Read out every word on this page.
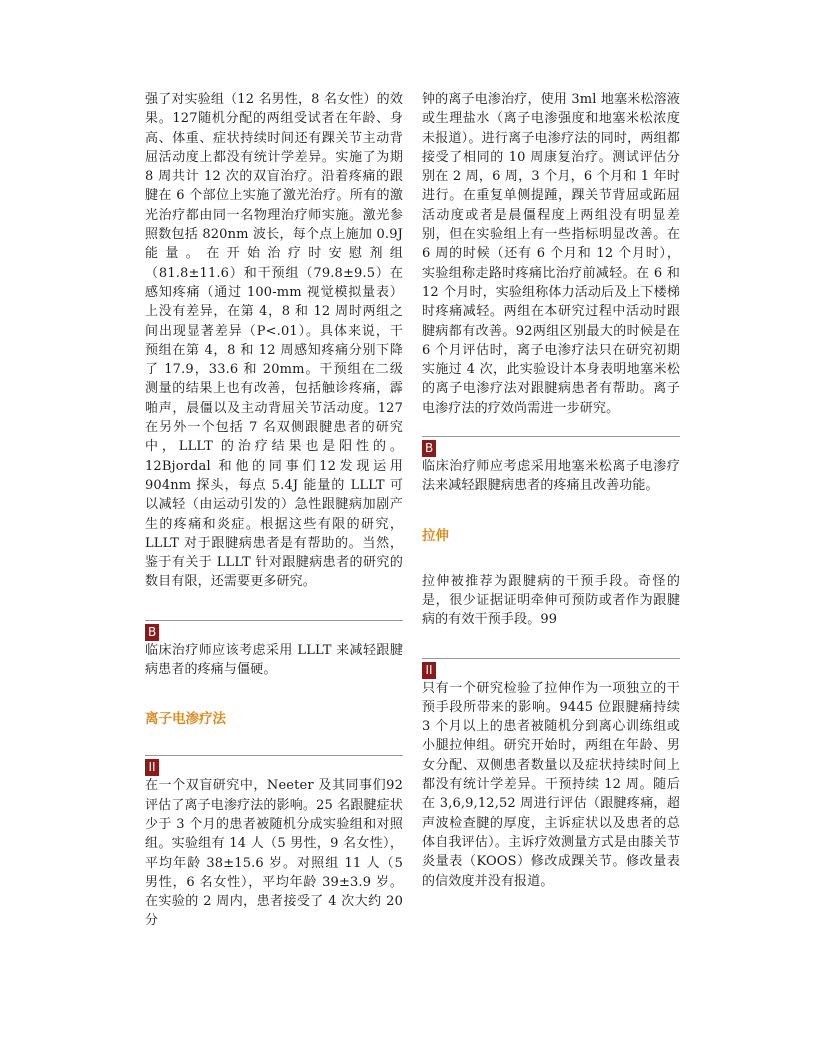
强了对实验组（12 名男性，8 名女性）的效果。127随机分配的两组受试者在年龄、身高、体重、症状持续时间还有踝关节主动背屈活动度上都没有统计学差异。实施了为期 8 周共计 12 次的双盲治疗。沿着疼痛的跟腱在 6 个部位上实施了激光治疗。所有的激光治疗都由同一名物理治疗师实施。激光参照数包括 820nm 波长，每个点上施加 0.9J 能量。在开始治疗时安慰剂组（81.8±11.6）和干预组（79.8±9.5）在感知疼痛（通过 100-mm 视觉模拟量表）上没有差异，在第 4，8 和 12 周时两组之间出现显著差异（P<.01）。具体来说，干预组在第 4，8 和 12 周感知疼痛分别下降了 17.9，33.6 和 20mm。干预组在二级测量的结果上也有改善，包括触诊疼痛，霹啪声，晨僵以及主动背屈关节活动度。127在另外一个包括 7 名双侧跟腱患者的研究中，LLLT 的治疗结果也是阳性的。12Bjordal 和他的同事们12发现运用 904nm 探头，每点 5.4J 能量的 LLLT 可以减轻（由运动引发的）急性跟腱病加剧产生的疼痛和炎症。根据这些有限的研究，LLLT 对于跟腱病患者是有帮助的。当然，鉴于有关于 LLLT 针对跟腱病患者的研究的数目有限，还需要更多研究。

B

临床治疗师应该考虑采用 LLLT 来减轻跟腱病患者的疼痛与僵硬。

离子电渗疗法

II

在一个双盲研究中，Neeter 及其同事们92评估了离子电渗疗法的影响。25 名跟腱症状少于 3 个月的患者被随机分成实验组和对照组。实验组有 14 人（5 男性，9 名女性），平均年龄 38±15.6 岁。对照组 11 人（5 男性，6 名女性），平均年龄 39±3.9 岁。在实验的 2 周内，患者接受了 4 次大约 20 分

钟的离子电渗治疗，使用 3ml 地塞米松溶液或生理盐水（离子电渗强度和地塞米松浓度未报道）。进行离子电渗疗法的同时，两组都接受了相同的 10 周康复治疗。测试评估分别在 2 周，6 周，3 个月，6 个月和 1 年时进行。在重复单侧提踵，踝关节背屈或跖屈活动度或者是晨僵程度上两组没有明显差别，但在实验组上有一些指标明显改善。在 6 周的时候（还有 6 个月和 12 个月时），实验组称走路时疼痛比治疗前减轻。在 6 和 12 个月时，实验组称体力活动后及上下楼梯时疼痛减轻。两组在本研究过程中活动时跟腱病都有改善。92两组区别最大的时候是在 6 个月评估时，离子电渗疗法只在研究初期实施过 4 次，此实验设计本身表明地塞米松的离子电渗疗法对跟腱病患者有帮助。离子电渗疗法的疗效尚需进一步研究。

B

临床治疗师应考虑采用地塞米松离子电渗疗法来减轻跟腱病患者的疼痛且改善功能。

拉伸

拉伸被推荐为跟腱病的干预手段。奇怪的是，很少证据证明牵伸可预防或者作为跟腱病的有效干预手段。99

II

只有一个研究检验了拉伸作为一项独立的干预手段所带来的影响。9445 位跟腱痛持续 3 个月以上的患者被随机分到离心训练组或小腿拉伸组。研究开始时，两组在年龄、男女分配、双侧患者数量以及症状持续时间上都没有统计学差异。干预持续 12 周。随后在 3,6,9,12,52 周进行评估（跟腱疼痛，超声波检查腱的厚度，主诉症状以及患者的总体自我评估）。主诉疗效测量方式是由膝关节炎量表（KOOS）修改成踝关节。修改量表的信效度并没有报道。
